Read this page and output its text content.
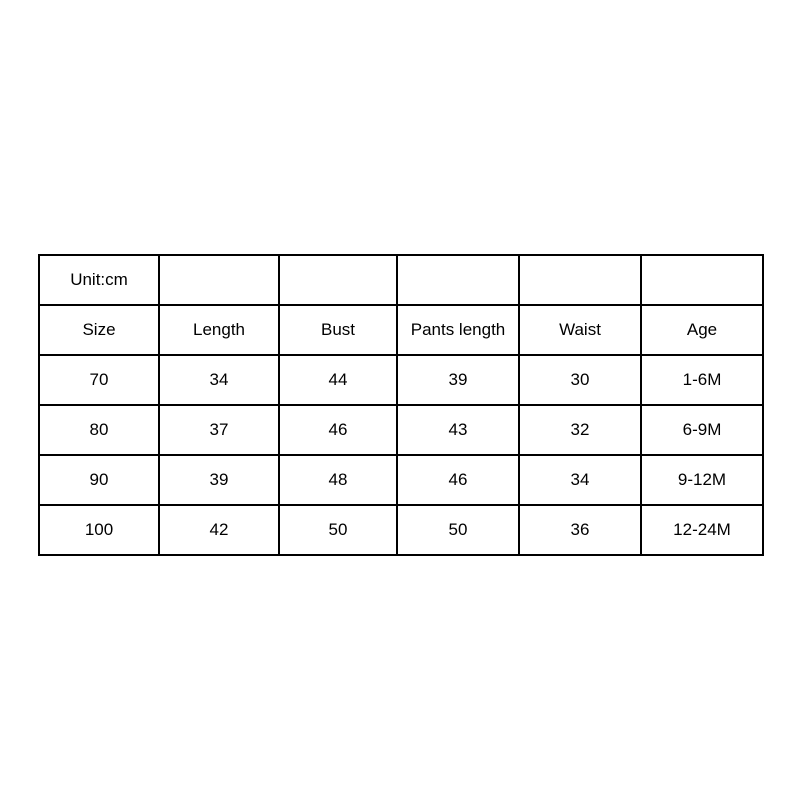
Unit:cm					
Size	Length	Bust	Pants length	Waist	Age
70	34	44	39	30	1-6M
80	37	46	43	32	6-9M
90	39	48	46	34	9-12M
100	42	50	50	36	12-24M
